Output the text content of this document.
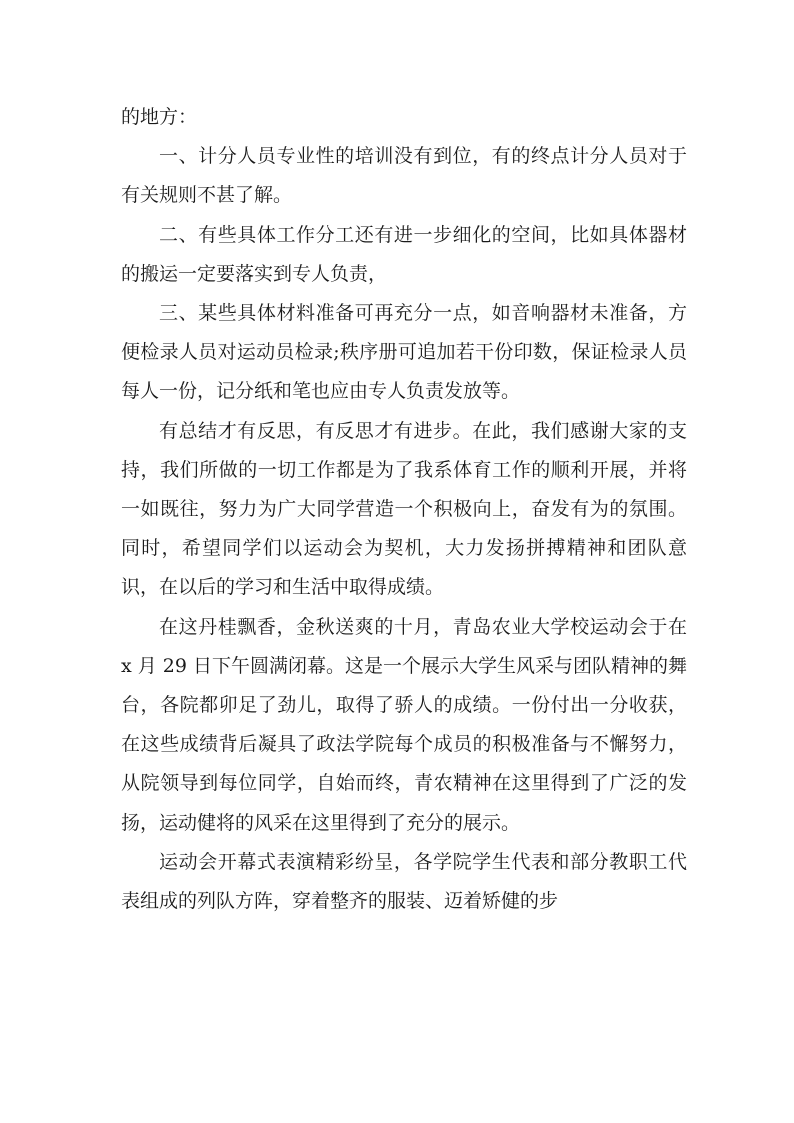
的地方：

一、计分人员专业性的培训没有到位，有的终点计分人员对于有关规则不甚了解。

二、有些具体工作分工还有进一步细化的空间，比如具体器材的搬运一定要落实到专人负责，

三、某些具体材料准备可再充分一点，如音响器材未准备，方便检录人员对运动员检录;秩序册可追加若干份印数，保证检录人员每人一份，记分纸和笔也应由专人负责发放等。

有总结才有反思，有反思才有进步。在此，我们感谢大家的支持，我们所做的一切工作都是为了我系体育工作的顺利开展，并将一如既往，努力为广大同学营造一个积极向上，奋发有为的氛围。同时，希望同学们以运动会为契机，大力发扬拼搏精神和团队意识，在以后的学习和生活中取得成绩。

在这丹桂飘香，金秋送爽的十月，青岛农业大学校运动会于在 x 月 29 日下午圆满闭幕。这是一个展示大学生风采与团队精神的舞台，各院都卯足了劲儿，取得了骄人的成绩。一份付出一分收获，在这些成绩背后凝具了政法学院每个成员的积极准备与不懈努力，从院领导到每位同学，自始而终，青农精神在这里得到了广泛的发扬，运动健将的风采在这里得到了充分的展示。

运动会开幕式表演精彩纷呈，各学院学生代表和部分教职工代表组成的列队方阵，穿着整齐的服装、迈着矫健的步
